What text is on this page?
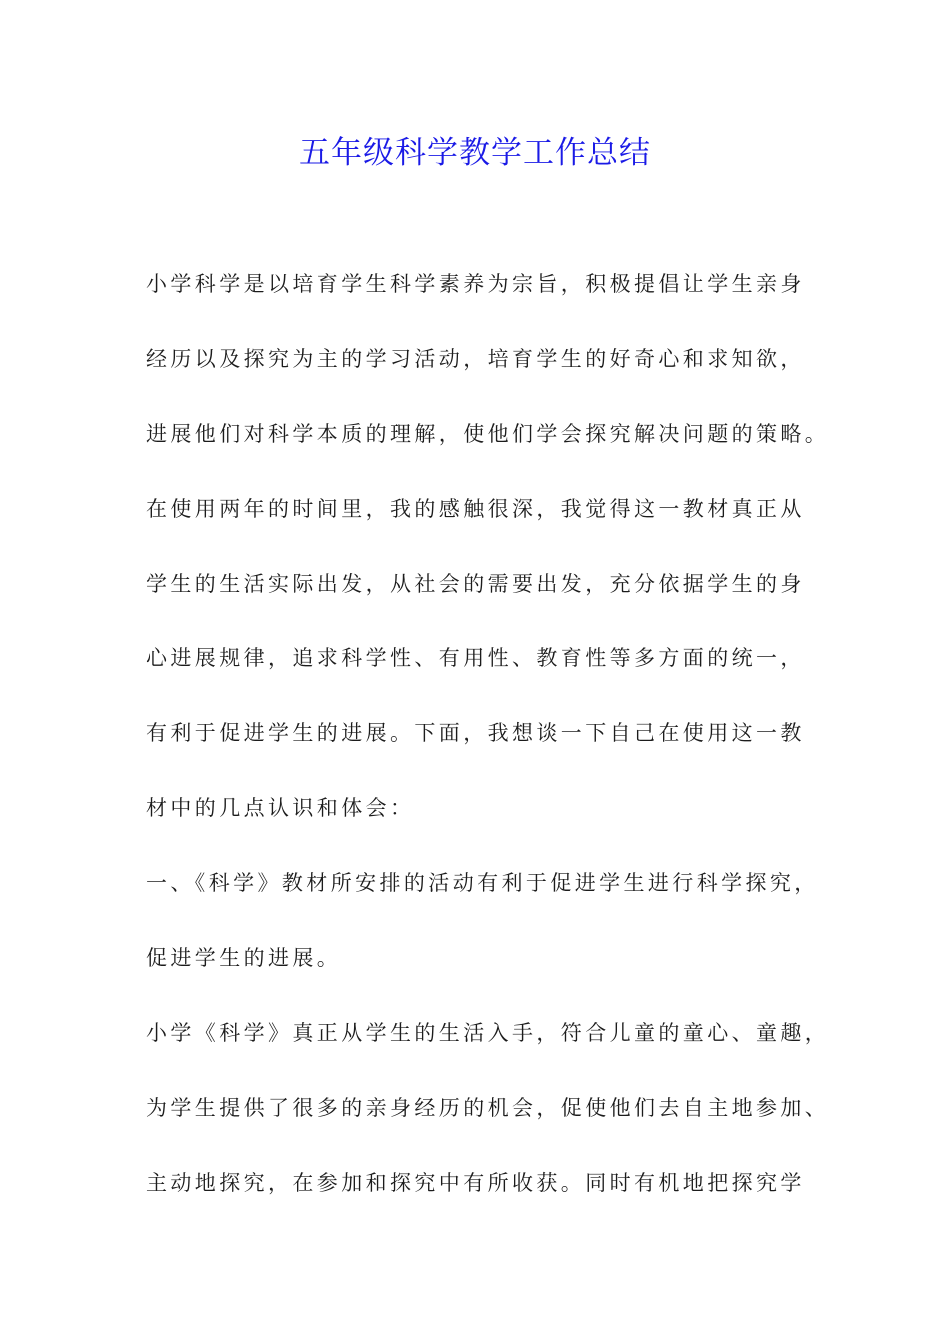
五年级科学教学工作总结
小学科学是以培育学生科学素养为宗旨，积极提倡让学生亲身
经历以及探究为主的学习活动，培育学生的好奇心和求知欲，
进展他们对科学本质的理解，使他们学会探究解决问题的策略。
在使用两年的时间里，我的感触很深，我觉得这一教材真正从
学生的生活实际出发，从社会的需要出发，充分依据学生的身
心进展规律，追求科学性、有用性、教育性等多方面的统一，
有利于促进学生的进展。下面，我想谈一下自己在使用这一教
材中的几点认识和体会：
一、《科学》教材所安排的活动有利于促进学生进行科学探究，
促进学生的进展。
小学《科学》真正从学生的生活入手，符合儿童的童心、童趣，
为学生提供了很多的亲身经历的机会，促使他们去自主地参加、
主动地探究，在参加和探究中有所收获。同时有机地把探究学
